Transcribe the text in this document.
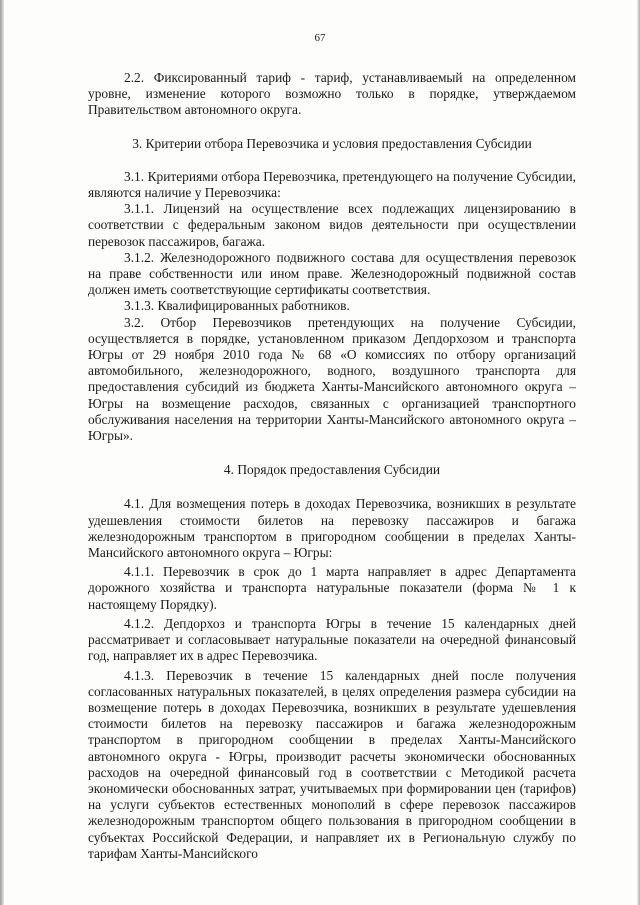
67

2.2. Фиксированный тариф - тариф, устанавливаемый на определенном уровне, изменение которого возможно только в порядке, утверждаемом Правительством автономного округа.

3. Критерии отбора Перевозчика и условия предоставления Субсидии

3.1. Критериями отбора Перевозчика, претендующего на получение Субсидии, являются наличие у Перевозчика:

3.1.1. Лицензий на осуществление всех подлежащих лицензированию в соответствии с федеральным законом видов деятельности при осуществлении перевозок пассажиров, багажа.

3.1.2. Железнодорожного подвижного состава для осуществления перевозок на праве собственности или ином праве. Железнодорожный подвижной состав должен иметь соответствующие сертификаты соответствия.

3.1.3. Квалифицированных работников.

3.2. Отбор Перевозчиков претендующих на получение Субсидии, осуществляется в порядке, установленном приказом Депдорхозом и транспорта Югры от 29 ноября 2010 года № 68 «О комиссиях по отбору организаций автомобильного, железнодорожного, водного, воздушного транспорта для предоставления субсидий из бюджета Ханты-Мансийского автономного округа – Югры на возмещение расходов, связанных с организацией транспортного обслуживания населения на территории Ханты-Мансийского автономного округа – Югры».

4. Порядок предоставления Субсидии

4.1. Для возмещения потерь в доходах Перевозчика, возникших в результате удешевления стоимости билетов на перевозку пассажиров и багажа железнодорожным транспортом в пригородном сообщении в пределах Ханты-Мансийского автономного округа – Югры:

4.1.1. Перевозчик в срок до 1 марта направляет в адрес Департамента дорожного хозяйства и транспорта натуральные показатели (форма № 1 к настоящему Порядку).

4.1.2. Депдорхоз и транспорта Югры в течение 15 календарных дней рассматривает и согласовывает натуральные показатели на очередной финансовый год, направляет их в адрес Перевозчика.

4.1.3. Перевозчик в течение 15 календарных дней после получения согласованных натуральных показателей, в целях определения размера субсидии на возмещение потерь в доходах Перевозчика, возникших в результате удешевления стоимости билетов на перевозку пассажиров и багажа железнодорожным транспортом в пригородном сообщении в пределах Ханты-Мансийского автономного округа - Югры, производит расчеты экономически обоснованных расходов на очередной финансовый год в соответствии с Методикой расчета экономически обоснованных затрат, учитываемых при формировании цен (тарифов) на услуги субъектов естественных монополий в сфере перевозок пассажиров железнодорожным транспортом общего пользования в пригородном сообщении в субъектах Российской Федерации, и направляет их в Региональную службу по тарифам Ханты-Мансийского
